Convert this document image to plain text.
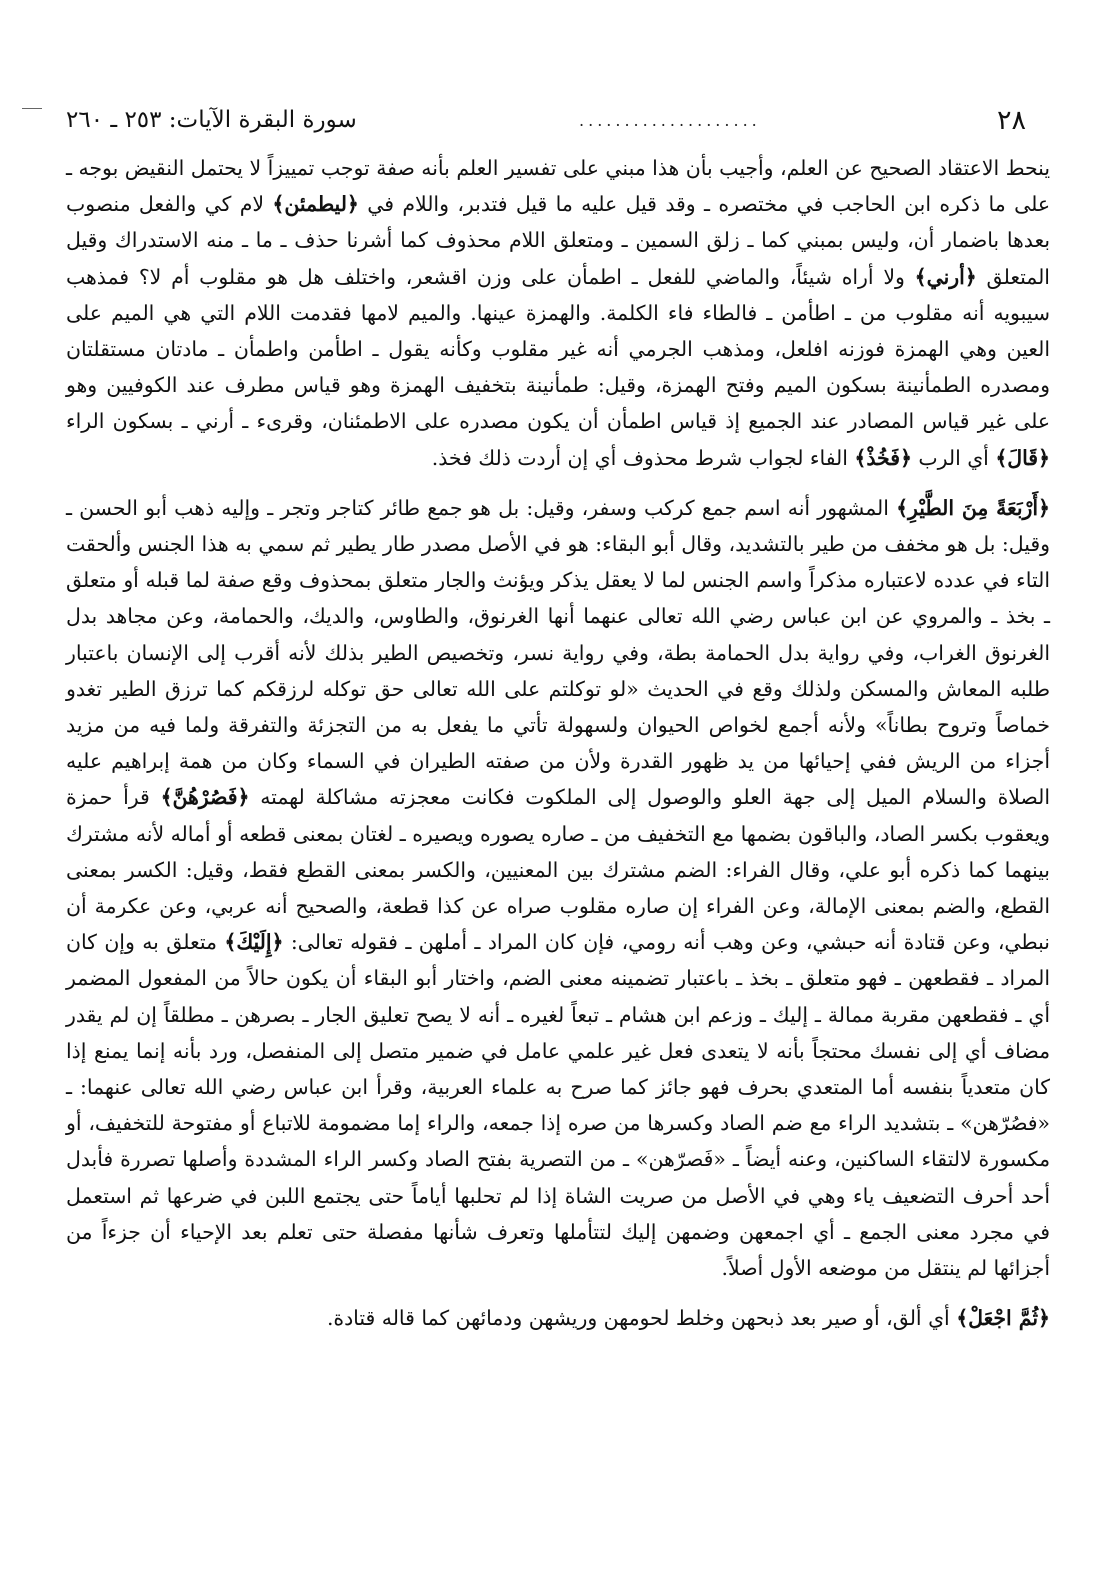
٢٨
....................
سورة البقرة الآيات: ٢٥٣ ـ ٢٦٠

ينحط الاعتقاد الصحيح عن العلم، وأجيب بأن هذا مبني على تفسير العلم بأنه صفة توجب تمييزاً لا يحتمل النقيض بوجه ـ على ما ذكره ابن الحاجب في مختصره ـ وقد قيل عليه ما قيل فتدبر، واللام في ﴿ليطمئن﴾ لام كي والفعل منصوب بعدها باضمار أن، وليس بمبني كما ـ زلق السمين ـ ومتعلق اللام محذوف كما أشرنا حذف ـ ما ـ منه الاستدراك وقيل المتعلق ﴿أرني﴾ ولا أراه شيئاً، والماضي للفعل ـ اطمأن على وزن اقشعر، واختلف هل هو مقلوب أم لا؟ فمذهب سيبويه أنه مقلوب من ـ اطأمن ـ فالطاء فاء الكلمة. والهمزة عينها. والميم لامها فقدمت اللام التي هي الميم على العين وهي الهمزة فوزنه افلعل، ومذهب الجرمي أنه غير مقلوب وكأنه يقول ـ اطأمن واطمأن ـ مادتان مستقلتان ومصدره الطمأنينة بسكون الميم وفتح الهمزة، وقيل: طمأنينة بتخفيف الهمزة وهو قياس مطرف عند الكوفيين وهو على غير قياس المصادر عند الجميع إذ قياس اطمأن أن يكون مصدره على الاطمئنان، وقرىء ـ أرني ـ بسكون الراء ﴿قَالَ﴾ أي الرب ﴿فَخُذْ﴾ الفاء لجواب شرط محذوف أي إن أردت ذلك فخذ.

﴿أَرْبَعَةً مِنَ الطَّيْرِ﴾ المشهور أنه اسم جمع كركب وسفر، وقيل: بل هو جمع طائر كتاجر وتجر ـ وإليه ذهب أبو الحسن ـ وقيل: بل هو مخفف من طير بالتشديد، وقال أبو البقاء: هو في الأصل مصدر طار يطير ثم سمي به هذا الجنس وألحقت التاء في عدده لاعتباره مذكراً واسم الجنس لما لا يعقل يذكر ويؤنث والجار متعلق بمحذوف وقع صفة لما قبله أو متعلق ـ بخذ ـ والمروي عن ابن عباس رضي الله تعالى عنهما أنها الغرنوق، والطاوس، والديك، والحمامة، وعن مجاهد بدل الغرنوق الغراب، وفي رواية بدل الحمامة بطة، وفي رواية نسر، وتخصيص الطير بذلك لأنه أقرب إلى الإنسان باعتبار طلبه المعاش والمسكن ولذلك وقع في الحديث «لو توكلتم على الله تعالى حق توكله لرزقكم كما ترزق الطير تغدو خماصاً وتروح بطاناً» ولأنه أجمع لخواص الحيوان ولسهولة تأتي ما يفعل به من التجزئة والتفرقة ولما فيه من مزيد أجزاء من الريش ففي إحيائها من يد ظهور القدرة ولأن من صفته الطيران في السماء وكان من همة إبراهيم عليه الصلاة والسلام الميل إلى جهة العلو والوصول إلى الملكوت فكانت معجزته مشاكلة لهمته ﴿فَصُرْهُنَّ﴾ قرأ حمزة ويعقوب بكسر الصاد، والباقون بضمها مع التخفيف من ـ صاره يصوره ويصيره ـ لغتان بمعنى قطعه أو أماله لأنه مشترك بينهما كما ذكره أبو علي، وقال الفراء: الضم مشترك بين المعنيين، والكسر بمعنى القطع فقط، وقيل: الكسر بمعنى القطع، والضم بمعنى الإمالة، وعن الفراء إن صاره مقلوب صراه عن كذا قطعة، والصحيح أنه عربي، وعن عكرمة أن نبطي، وعن قتادة أنه حبشي، وعن وهب أنه رومي، فإن كان المراد ـ أملهن ـ فقوله تعالى: ﴿إِلَيْكَ﴾ متعلق به وإن كان المراد ـ فقطعهن ـ فهو متعلق ـ بخذ ـ باعتبار تضمينه معنى الضم، واختار أبو البقاء أن يكون حالاً من المفعول المضمر أي ـ فقطعهن مقربة ممالة ـ إليك ـ وزعم ابن هشام ـ تبعاً لغيره ـ أنه لا يصح تعليق الجار ـ بصرهن ـ مطلقاً إن لم يقدر مضاف أي إلى نفسك محتجاً بأنه لا يتعدى فعل غير علمي عامل في ضمير متصل إلى المنفصل، ورد بأنه إنما يمنع إذا كان متعدياً بنفسه أما المتعدي بحرف فهو جائز كما صرح به علماء العربية، وقرأ ابن عباس رضي الله تعالى عنهما: ـ «فصُرّهن» ـ بتشديد الراء مع ضم الصاد وكسرها من صره إذا جمعه، والراء إما مضمومة للاتباع أو مفتوحة للتخفيف، أو مكسورة لالتقاء الساكنين، وعنه أيضاً ـ «فَصرّهن» ـ من التصرية بفتح الصاد وكسر الراء المشددة وأصلها تصررة فأبدل أحد أحرف التضعيف ياء وهي في الأصل من صريت الشاة إذا لم تحلبها أياماً حتى يجتمع اللبن في ضرعها ثم استعمل في مجرد معنى الجمع ـ أي اجمعهن وضمهن إليك لتتأملها وتعرف شأنها مفصلة حتى تعلم بعد الإحياء أن جزءاً من أجزائها لم ينتقل من موضعه الأول أصلاً.

﴿ثُمَّ اجْعَلْ﴾ أي ألق، أو صير بعد ذبحهن وخلط لحومهن وريشهن ودمائهن كما قاله قتادة.
